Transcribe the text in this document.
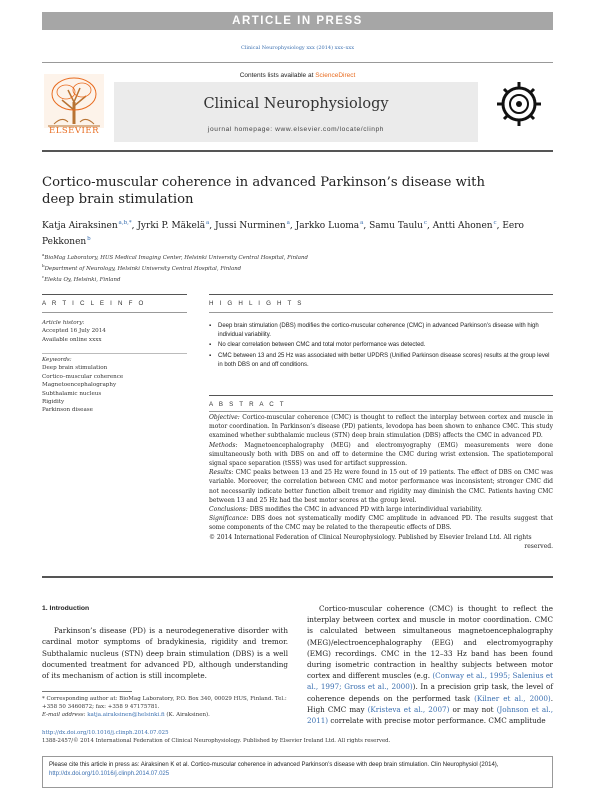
ARTICLE IN PRESS
Clinical Neurophysiology xxx (2014) xxx–xxx
ELSEVIER
Contents lists available at ScienceDirect
Clinical Neurophysiology
journal homepage: www.elsevier.com/locate/clinph
Cortico-muscular coherence in advanced Parkinson’s disease with deep brain stimulation
Katja Airaksinen $^{a,b,*}$, Jyrki P. Mäkelä $^a$, Jussi Nurminen $^a$, Jarkko Luoma $^a$, Samu Taulu $^c$, Antti Ahonen $^c$, Eero Pekkonen $^b$
$^a$BioMag Laboratory, HUS Medical Imaging Center, Helsinki University Central Hospital, Finland
$^b$Department of Neurology, Helsinki University Central Hospital, Finland
$^c$Elekta Oy, Helsinki, Finland
A R T I C L E I N F O
Article history:
Accepted 16 July 2014
Available online xxxx
Keywords:
Deep brain stimulation
Cortico–muscular coherence
Magnetoencephalography
Subthalamic nucleus
Rigidity
Parkinson disease
H I G H L I G H T S
▪ Deep brain stimulation (DBS) modifies the cortico-muscular coherence (CMC) in advanced Parkinson’s disease with high individual variability.
▪ No clear correlation between CMC and total motor performance was detected.
▪ CMC between 13 and 25 Hz was associated with better UPDRS (Unified Parkinson disease scores) results at the group level in both DBS on and off conditions.
A B S T R A C T

Objective: Cortico-muscular coherence (CMC) is thought to reflect the interplay between cortex and muscle in motor coordination. In Parkinson’s disease (PD) patients, levodopa has been shown to enhance CMC. This study examined whether subthalamic nucleus (STN) deep brain stimulation (DBS) affects the CMC in advanced PD.

Methods: Magnetoencephalography (MEG) and electromyography (EMG) measurements were done simultaneously both with DBS on and off to determine the CMC during wrist extension. The spatiotemporal signal space separation (tSSS) was used for artifact suppression.

Results: CMC peaks between 13 and 25 Hz were found in 15 out of 19 patients. The effect of DBS on CMC was variable. Moreover, the correlation between CMC and motor performance was inconsistent; stronger CMC did not necessarily indicate better function albeit tremor and rigidity may diminish the CMC. Patients having CMC between 13 and 25 Hz had the best motor scores at the group level.

Conclusions: DBS modifies the CMC in advanced PD with large interindividual variability.

Significance: DBS does not systematically modify CMC amplitude in advanced PD. The results suggest that some components of the CMC may be related to the therapeutic effects of DBS.

© 2014 International Federation of Clinical Neurophysiology. Published by Elsevier Ireland Ltd. All rights

reserved.

1. Introduction

Parkinson’s disease (PD) is a neurodegenerative disorder with cardinal motor symptoms of bradykinesia, rigidity and tremor. Subthalamic nucleus (STN) deep brain stimulation (DBS) is a well documented treatment for advanced PD, although understanding of its mechanism of action is still incomplete.

Cortico-muscular coherence (CMC) is thought to reflect the interplay between cortex and muscle in motor coordination. CMC is calculated between simultaneous magnetoencephalography (MEG)/electroencephalography (EEG) and electromyography (EMG) recordings. CMC in the 12–33 Hz band has been found during isometric contraction in healthy subjects between motor cortex and different muscles (e.g. (Conway et al., 1995; Salenius et al., 1997; Gross et al., 2000)). In a precision grip task, the level of coherence depends on the performed task (Kilner et al., 2000). High CMC may (Kristeva et al., 2007) or may not (Johnson et al., 2011) correlate with precise motor performance. CMC amplitude

* Corresponding author at: BioMag Laboratory, P.O. Box 340, 00029 HUS, Finland. Tel.: +358 50 3460872; fax: +358 9 47175781.
E-mail address: katja.airaksinen@helsinki.fi (K. Airaksinen).
http://dx.doi.org/10.1016/j.clinph.2014.07.025
1388-2457/© 2014 International Federation of Clinical Neurophysiology. Published by Elsevier Ireland Ltd. All rights reserved.
Please cite this article in press as: Airaksinen K et al. Cortico-muscular coherence in advanced Parkinson’s disease with deep brain stimulation. Clin Neurophysiol (2014), http://dx.doi.org/10.1016/j.clinph.2014.07.025
